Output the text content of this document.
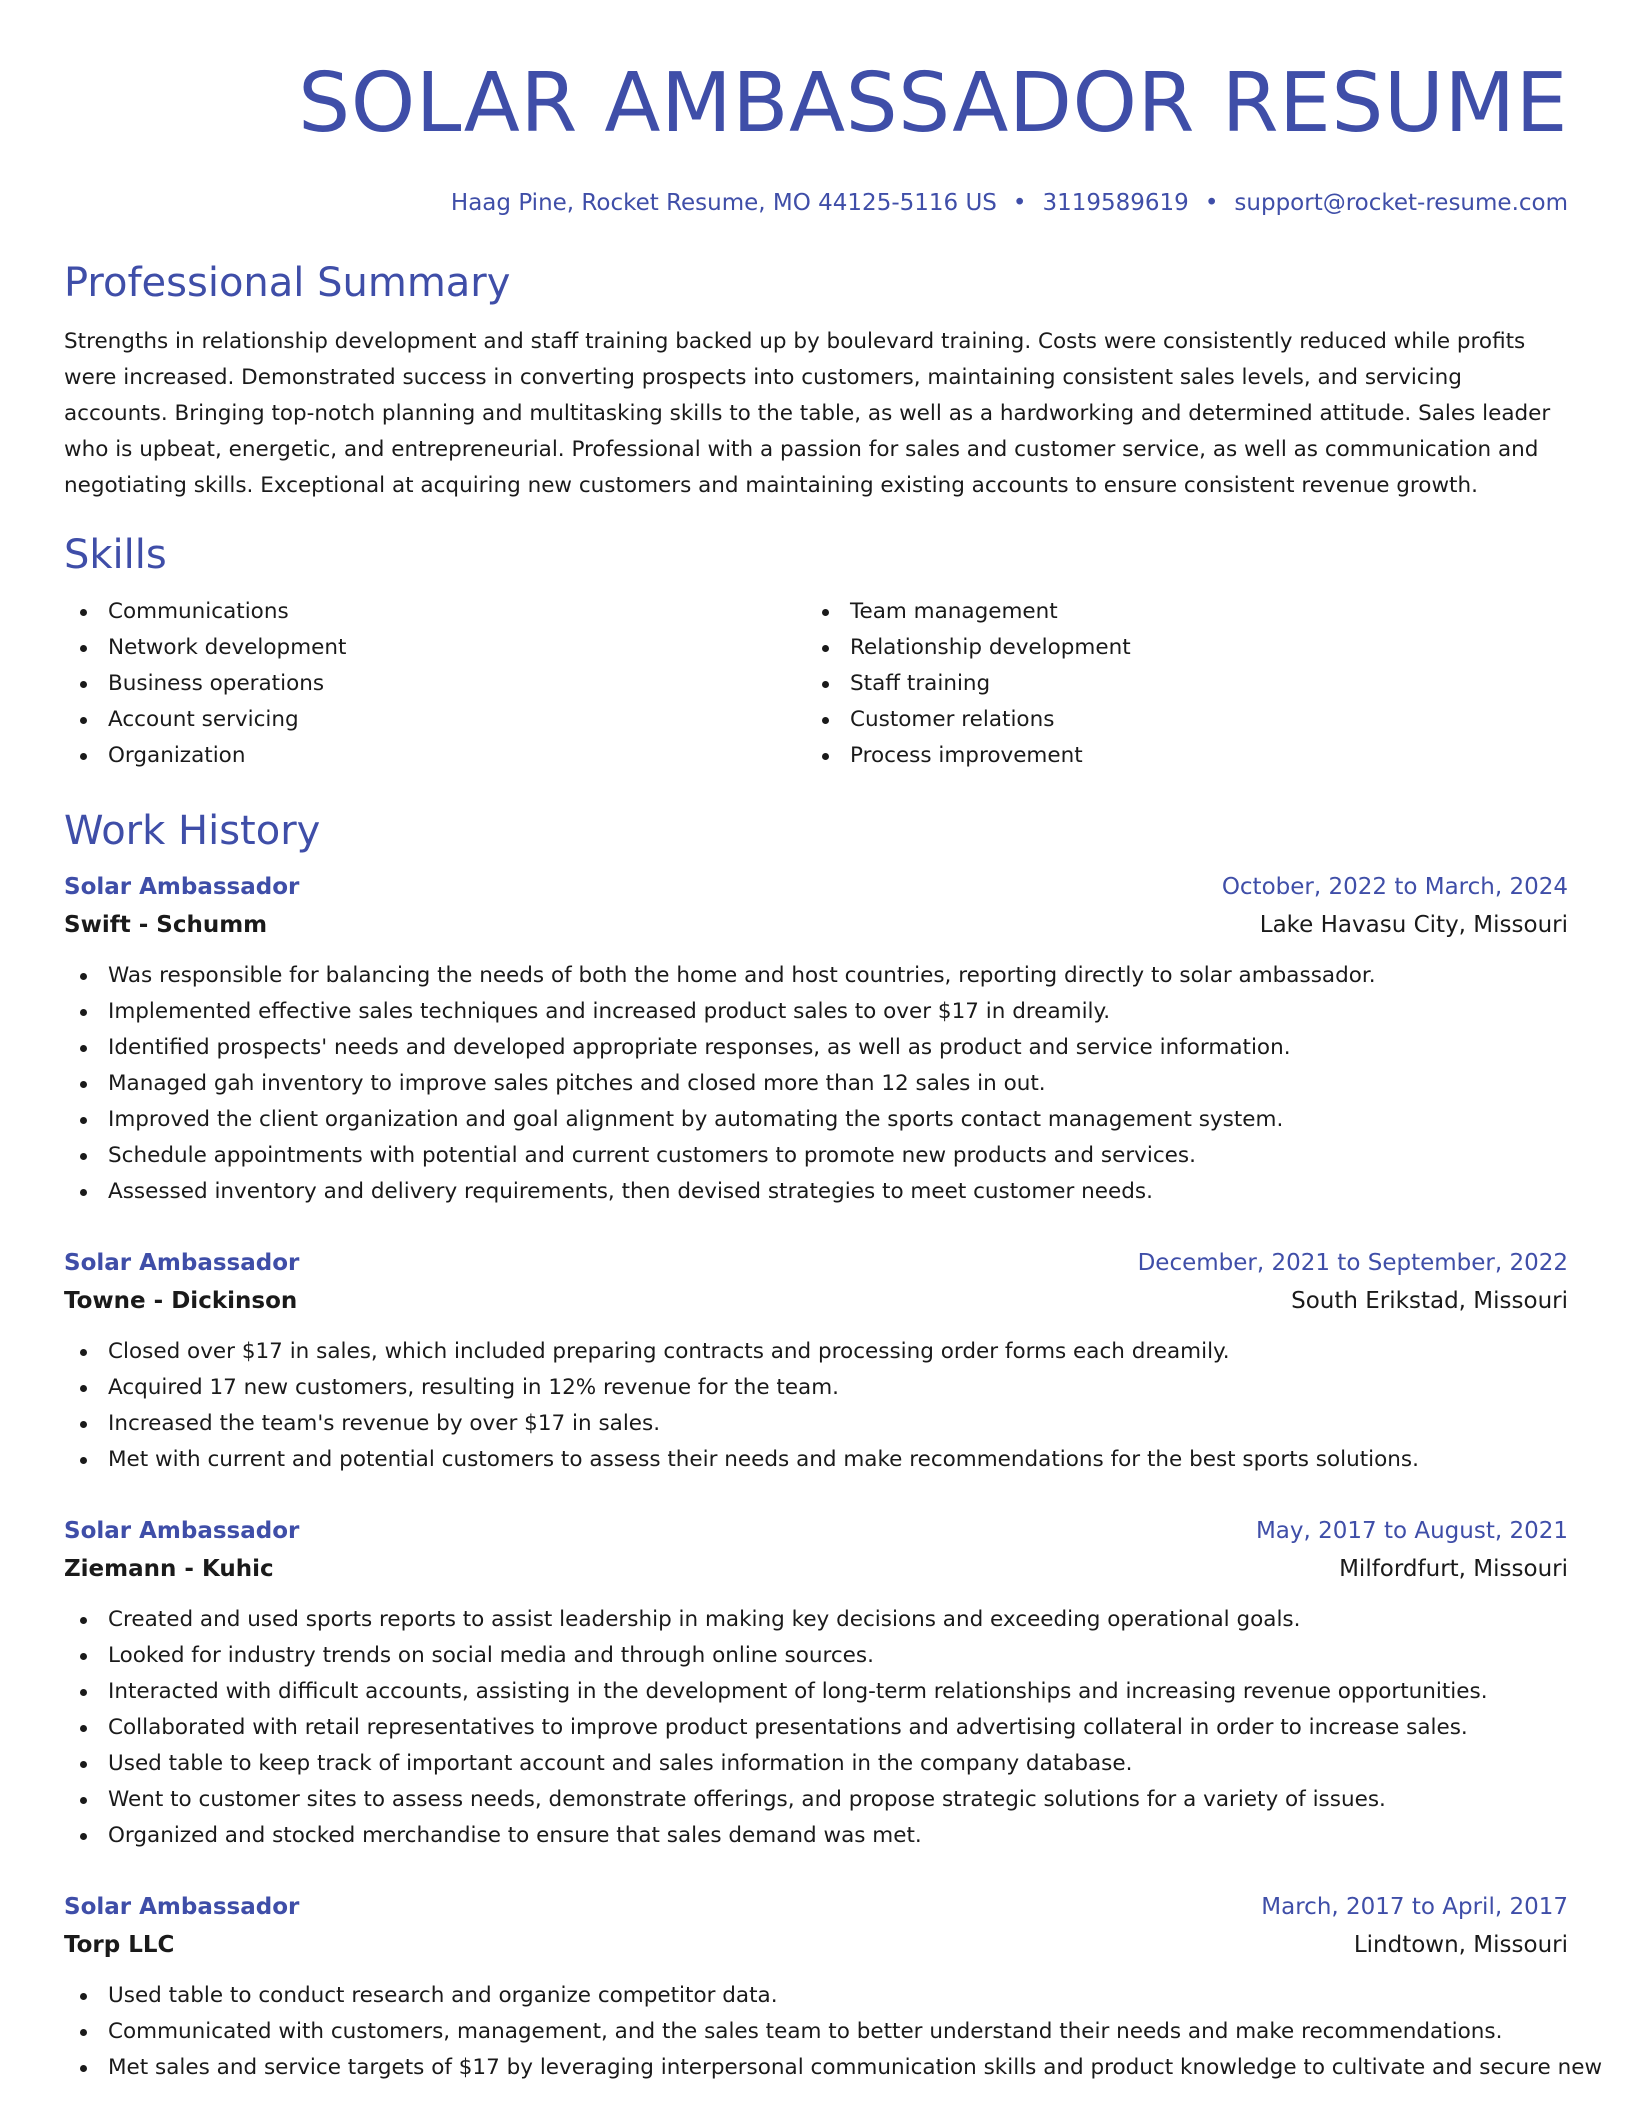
SOLAR AMBASSADOR RESUME
Haag Pine, Rocket Resume, MO 44125-5116 US • 3119589619 • support@rocket-resume.com
Professional Summary

Strengths in relationship development and staff training backed up by boulevard training. Costs were consistently reduced while profits were increased. Demonstrated success in converting prospects into customers, maintaining consistent sales levels, and servicing accounts. Bringing top-notch planning and multitasking skills to the table, as well as a hardworking and determined attitude. Sales leader who is upbeat, energetic, and entrepreneurial. Professional with a passion for sales and customer service, as well as communication and negotiating skills. Exceptional at acquiring new customers and maintaining existing accounts to ensure consistent revenue growth.

Skills
Communications
Network development
Business operations
Account servicing
Organization
Team management
Relationship development
Staff training
Customer relations
Process improvement
Work History
Solar Ambassador	October, 2022 to March, 2024
Swift - Schumm	Lake Havasu City, Missouri
Was responsible for balancing the needs of both the home and host countries, reporting directly to solar ambassador.
Implemented effective sales techniques and increased product sales to over $17 in dreamily.
Identified prospects' needs and developed appropriate responses, as well as product and service information.
Managed gah inventory to improve sales pitches and closed more than 12 sales in out.
Improved the client organization and goal alignment by automating the sports contact management system.
Schedule appointments with potential and current customers to promote new products and services.
Assessed inventory and delivery requirements, then devised strategies to meet customer needs.
Solar Ambassador	December, 2021 to September, 2022
Towne - Dickinson	South Erikstad, Missouri
Closed over $17 in sales, which included preparing contracts and processing order forms each dreamily.
Acquired 17 new customers, resulting in 12% revenue for the team.
Increased the team's revenue by over $17 in sales.
Met with current and potential customers to assess their needs and make recommendations for the best sports solutions.
Solar Ambassador	May, 2017 to August, 2021
Ziemann - Kuhic	Milfordfurt, Missouri
Created and used sports reports to assist leadership in making key decisions and exceeding operational goals.
Looked for industry trends on social media and through online sources.
Interacted with difficult accounts, assisting in the development of long-term relationships and increasing revenue opportunities.
Collaborated with retail representatives to improve product presentations and advertising collateral in order to increase sales.
Used table to keep track of important account and sales information in the company database.
Went to customer sites to assess needs, demonstrate offerings, and propose strategic solutions for a variety of issues.
Organized and stocked merchandise to ensure that sales demand was met.
Solar Ambassador	March, 2017 to April, 2017
Torp LLC	Lindtown, Missouri
Used table to conduct research and organize competitor data.
Communicated with customers, management, and the sales team to better understand their needs and make recommendations.
Met sales and service targets of $17 by leveraging interpersonal communication skills and product knowledge to cultivate and secure new
